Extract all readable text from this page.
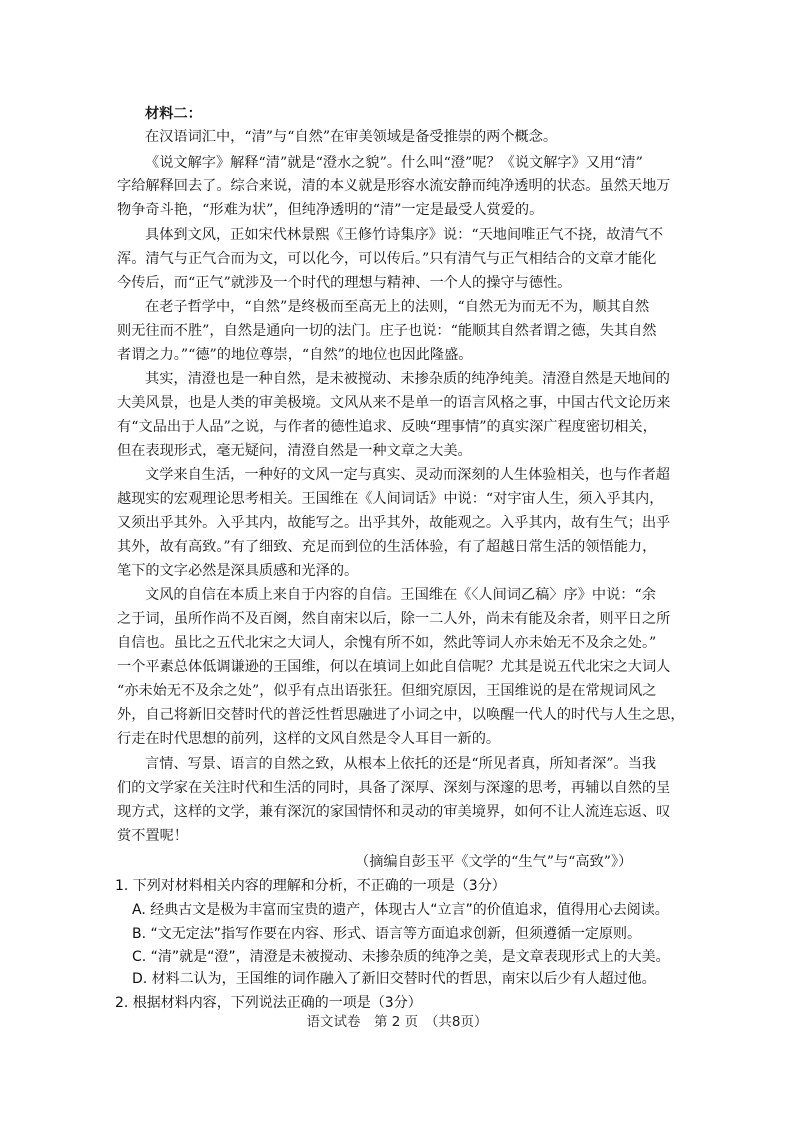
材料二：
在汉语词汇中，“清”与“自然”在审美领域是备受推崇的两个概念。
《说文解字》解释“清”就是“澄水之貌”。什么叫“澄”呢？《说文解字》又用“清”
字给解释回去了。综合来说，清的本义就是形容水流安静而纯净透明的状态。虽然天地万
物争奇斗艳，“形难为状”，但纯净透明的“清”一定是最受人赏爱的。
具体到文风，正如宋代林景熙《王修竹诗集序》说：“天地间唯正气不挠，故清气不
浑。清气与正气合而为文，可以化今，可以传后。”只有清气与正气相结合的文章才能化
今传后，而“正气”就涉及一个时代的理想与精神、一个人的操守与德性。
在老子哲学中，“自然”是终极而至高无上的法则，“自然无为而无不为，顺其自然
则无往而不胜”，自然是通向一切的法门。庄子也说：“能顺其自然者谓之德，失其自然
者谓之力。”“德”的地位尊崇，“自然”的地位也因此隆盛。
其实，清澄也是一种自然，是未被搅动、未掺杂质的纯净纯美。清澄自然是天地间的
大美风景，也是人类的审美极境。文风从来不是单一的语言风格之事，中国古代文论历来
有“文品出于人品”之说，与作者的德性追求、反映“理事情”的真实深广程度密切相关，
但在表现形式，毫无疑问，清澄自然是一种文章之大美。
文学来自生活，一种好的文风一定与真实、灵动而深刻的人生体验相关，也与作者超
越现实的宏观理论思考相关。王国维在《人间词话》中说：“对宇宙人生，须入乎其内，
又须出乎其外。入乎其内，故能写之。出乎其外，故能观之。入乎其内，故有生气；出乎
其外，故有高致。”有了细致、充足而到位的生活体验，有了超越日常生活的领悟能力，
笔下的文字必然是深具质感和光泽的。
文风的自信在本质上来自于内容的自信。王国维在《〈人间词乙稿〉序》中说：“余
之于词，虽所作尚不及百阕，然自南宋以后，除一二人外，尚未有能及余者，则平日之所
自信也。虽比之五代北宋之大词人，余愧有所不如，然此等词人亦未始无不及余之处。”
一个平素总体低调谦逊的王国维，何以在填词上如此自信呢？尤其是说五代北宋之大词人
“亦未始无不及余之处”，似乎有点出语张狂。但细究原因，王国维说的是在常规词风之
外，自己将新旧交替时代的普泛性哲思融进了小词之中，以唤醒一代人的时代与人生之思，
行走在时代思想的前列，这样的文风自然是令人耳目一新的。
言情、写景、语言的自然之致，从根本上依托的还是“所见者真，所知者深”。当我
们的文学家在关注时代和生活的同时，具备了深厚、深刻与深邃的思考，再辅以自然的呈
现方式，这样的文学，兼有深沉的家国情怀和灵动的审美境界，如何不让人流连忘返、叹
赏不置呢！
（摘编自彭玉平《文学的“生气”与“高致”》）
1. 下列对材料相关内容的理解和分析，不正确的一项是（3分）
A. 经典古文是极为丰富而宝贵的遗产，体现古人“立言”的价值追求，值得用心去阅读。
B. “文无定法”指写作要在内容、形式、语言等方面追求创新，但须遵循一定原则。
C. “清”就是“澄”，清澄是未被搅动、未掺杂质的纯净之美，是文章表现形式上的大美。
D. 材料二认为，王国维的词作融入了新旧交替时代的哲思，南宋以后少有人超过他。
2. 根据材料内容，下列说法正确的一项是（3分）
语文试卷　第 2 页　（共8页）
